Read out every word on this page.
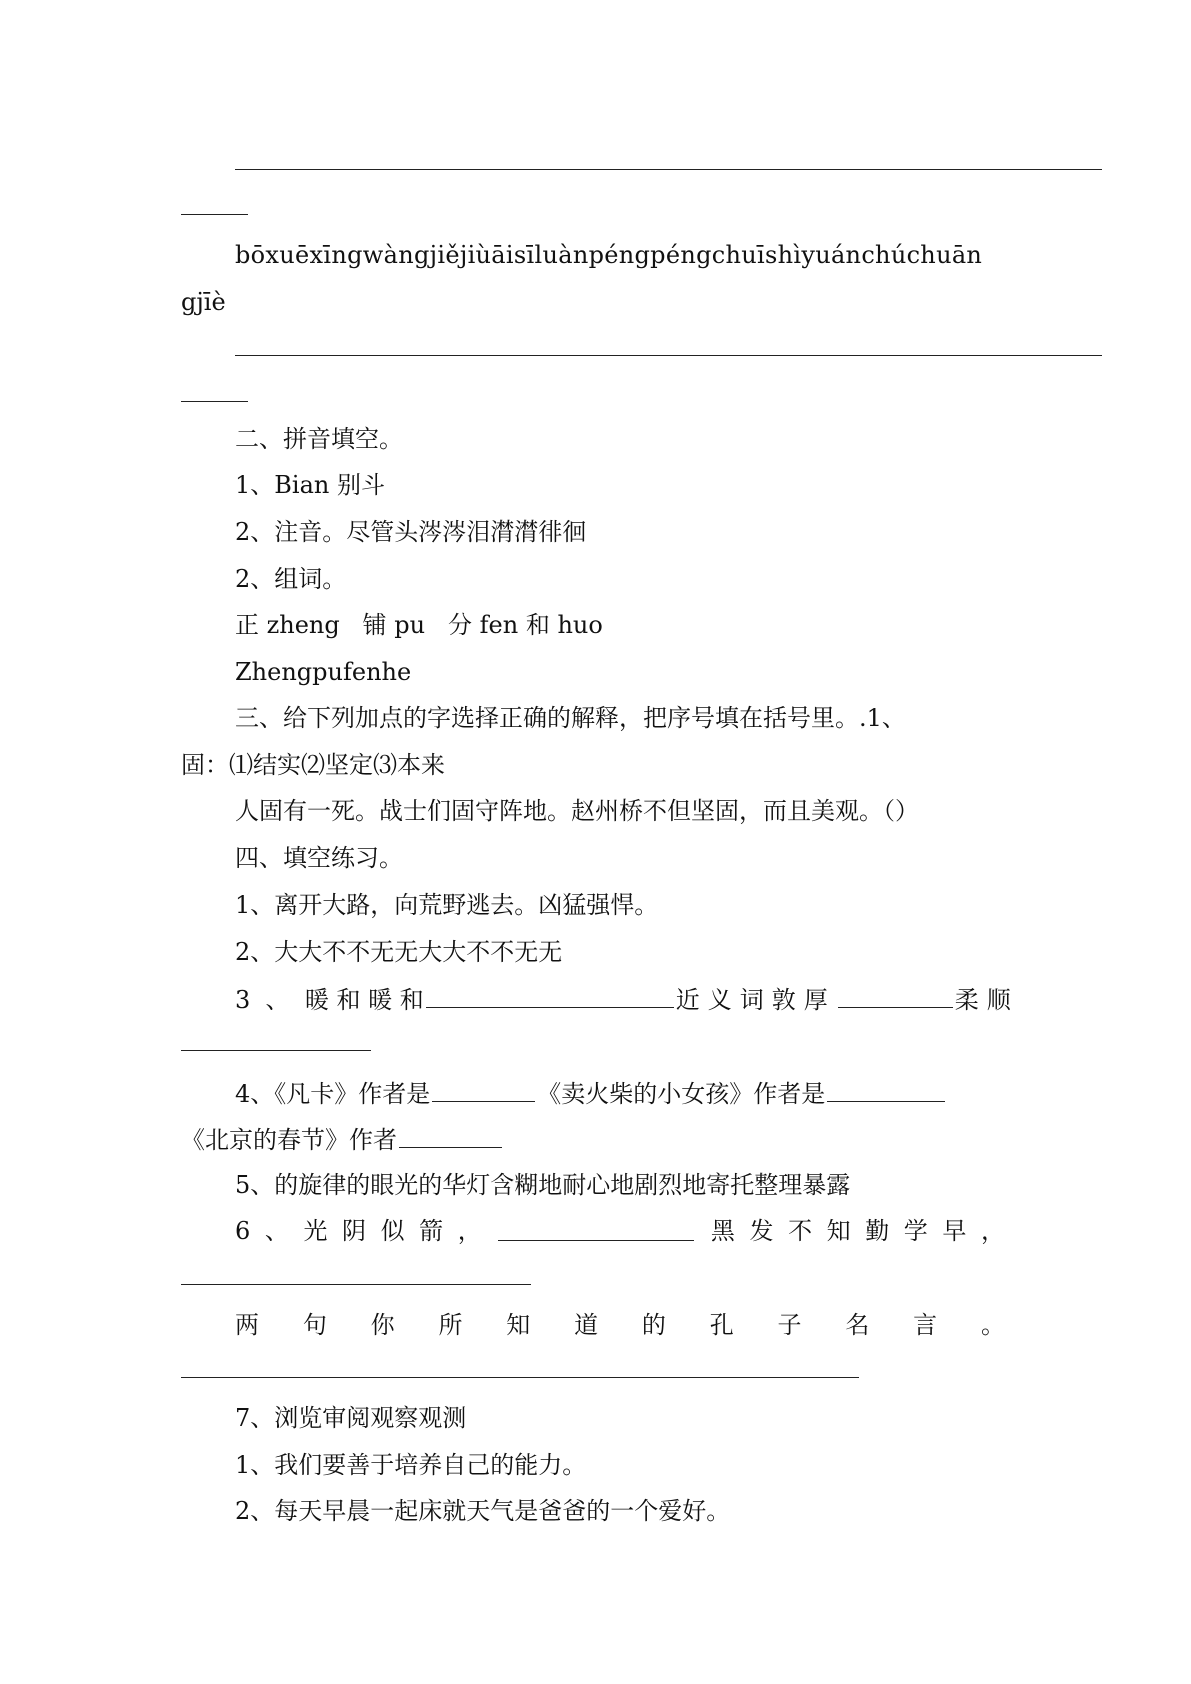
bōxuēxīngwàngjiějiùāisīluànpéngpéngchuīshìyuánchúchuān
gjīè
二、拼音填空。
1、Bian 别斗
2、注音。尽管头涔涔泪潸潸徘徊
2、组词。
正 zheng 铺 pu 分 fen 和 huo
Zhengpufenhe
三、给下列加点的字选择正确的解释，把序号填在括号里。.1、
固：⑴结实⑵坚定⑶本来
人固有一死。战士们固守阵地。赵州桥不但坚固，而且美观。（）
四、填空练习。
1、离开大路，向荒野逃去。凶猛强悍。
2、大大不不无无大大不不无无
3 、 暖 和 暖 和	近义词敦厚	柔顺
4、《凡卡》作者是	《卖火柴的小女孩》作者是
《北京的春节》作者
5、的旋律的眼光的华灯含糊地耐心地剧烈地寄托整理暴露
6 、 光 阴 似 箭 ，	黑 发 不 知 勤 学 早 ，
两 句 你 所 知 道 的 孔 子 名 言 。
7、浏览审阅观察观测
1、我们要善于培养自己的能力。
2、每天早晨一起床就天气是爸爸的一个爱好。
